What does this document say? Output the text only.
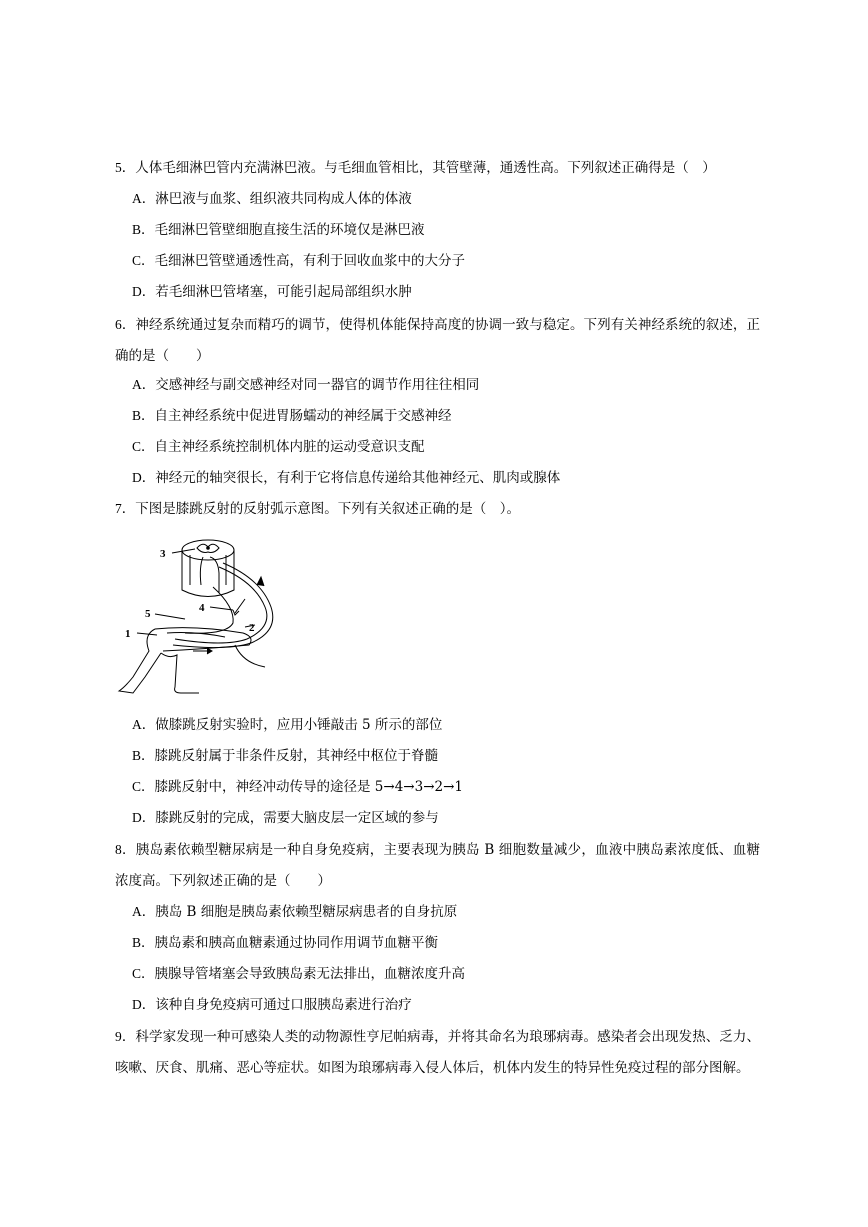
5．人体毛细淋巴管内充满淋巴液。与毛细血管相比，其管壁薄，通透性高。下列叙述正确得是（　）
A．淋巴液与血浆、组织液共同构成人体的体液
B．毛细淋巴管壁细胞直接生活的环境仅是淋巴液
C．毛细淋巴管壁通透性高，有利于回收血浆中的大分子
D．若毛细淋巴管堵塞，可能引起局部组织水肿
6．神经系统通过复杂而精巧的调节，使得机体能保持高度的协调一致与稳定。下列有关神经系统的叙述，正确的是（　　）
A．交感神经与副交感神经对同一器官的调节作用往往相同
B．自主神经系统中促进胃肠蠕动的神经属于交感神经
C．自主神经系统控制机体内脏的运动受意识支配
D．神经元的轴突很长，有利于它将信息传递给其他神经元、肌肉或腺体
7．下图是膝跳反射的反射弧示意图。下列有关叙述正确的是（　）。
3
4
5
1	2
A．做膝跳反射实验时，应用小锤敲击 5 所示的部位
B．膝跳反射属于非条件反射，其神经中枢位于脊髓
C．膝跳反射中，神经冲动传导的途径是 5→4→3→2→1
D．膝跳反射的完成，需要大脑皮层一定区域的参与
8．胰岛素依赖型糖尿病是一种自身免疫病，主要表现为胰岛 B 细胞数量减少，血液中胰岛素浓度低、血糖浓度高。下列叙述正确的是（　　）
A．胰岛 B 细胞是胰岛素依赖型糖尿病患者的自身抗原
B．胰岛素和胰高血糖素通过协同作用调节血糖平衡
C．胰腺导管堵塞会导致胰岛素无法排出，血糖浓度升高
D．该种自身免疫病可通过口服胰岛素进行治疗
9．科学家发现一种可感染人类的动物源性亨尼帕病毒，并将其命名为琅琊病毒。感染者会出现发热、乏力、咳嗽、厌食、肌痛、恶心等症状。如图为琅琊病毒入侵人体后，机体内发生的特异性免疫过程的部分图解。
